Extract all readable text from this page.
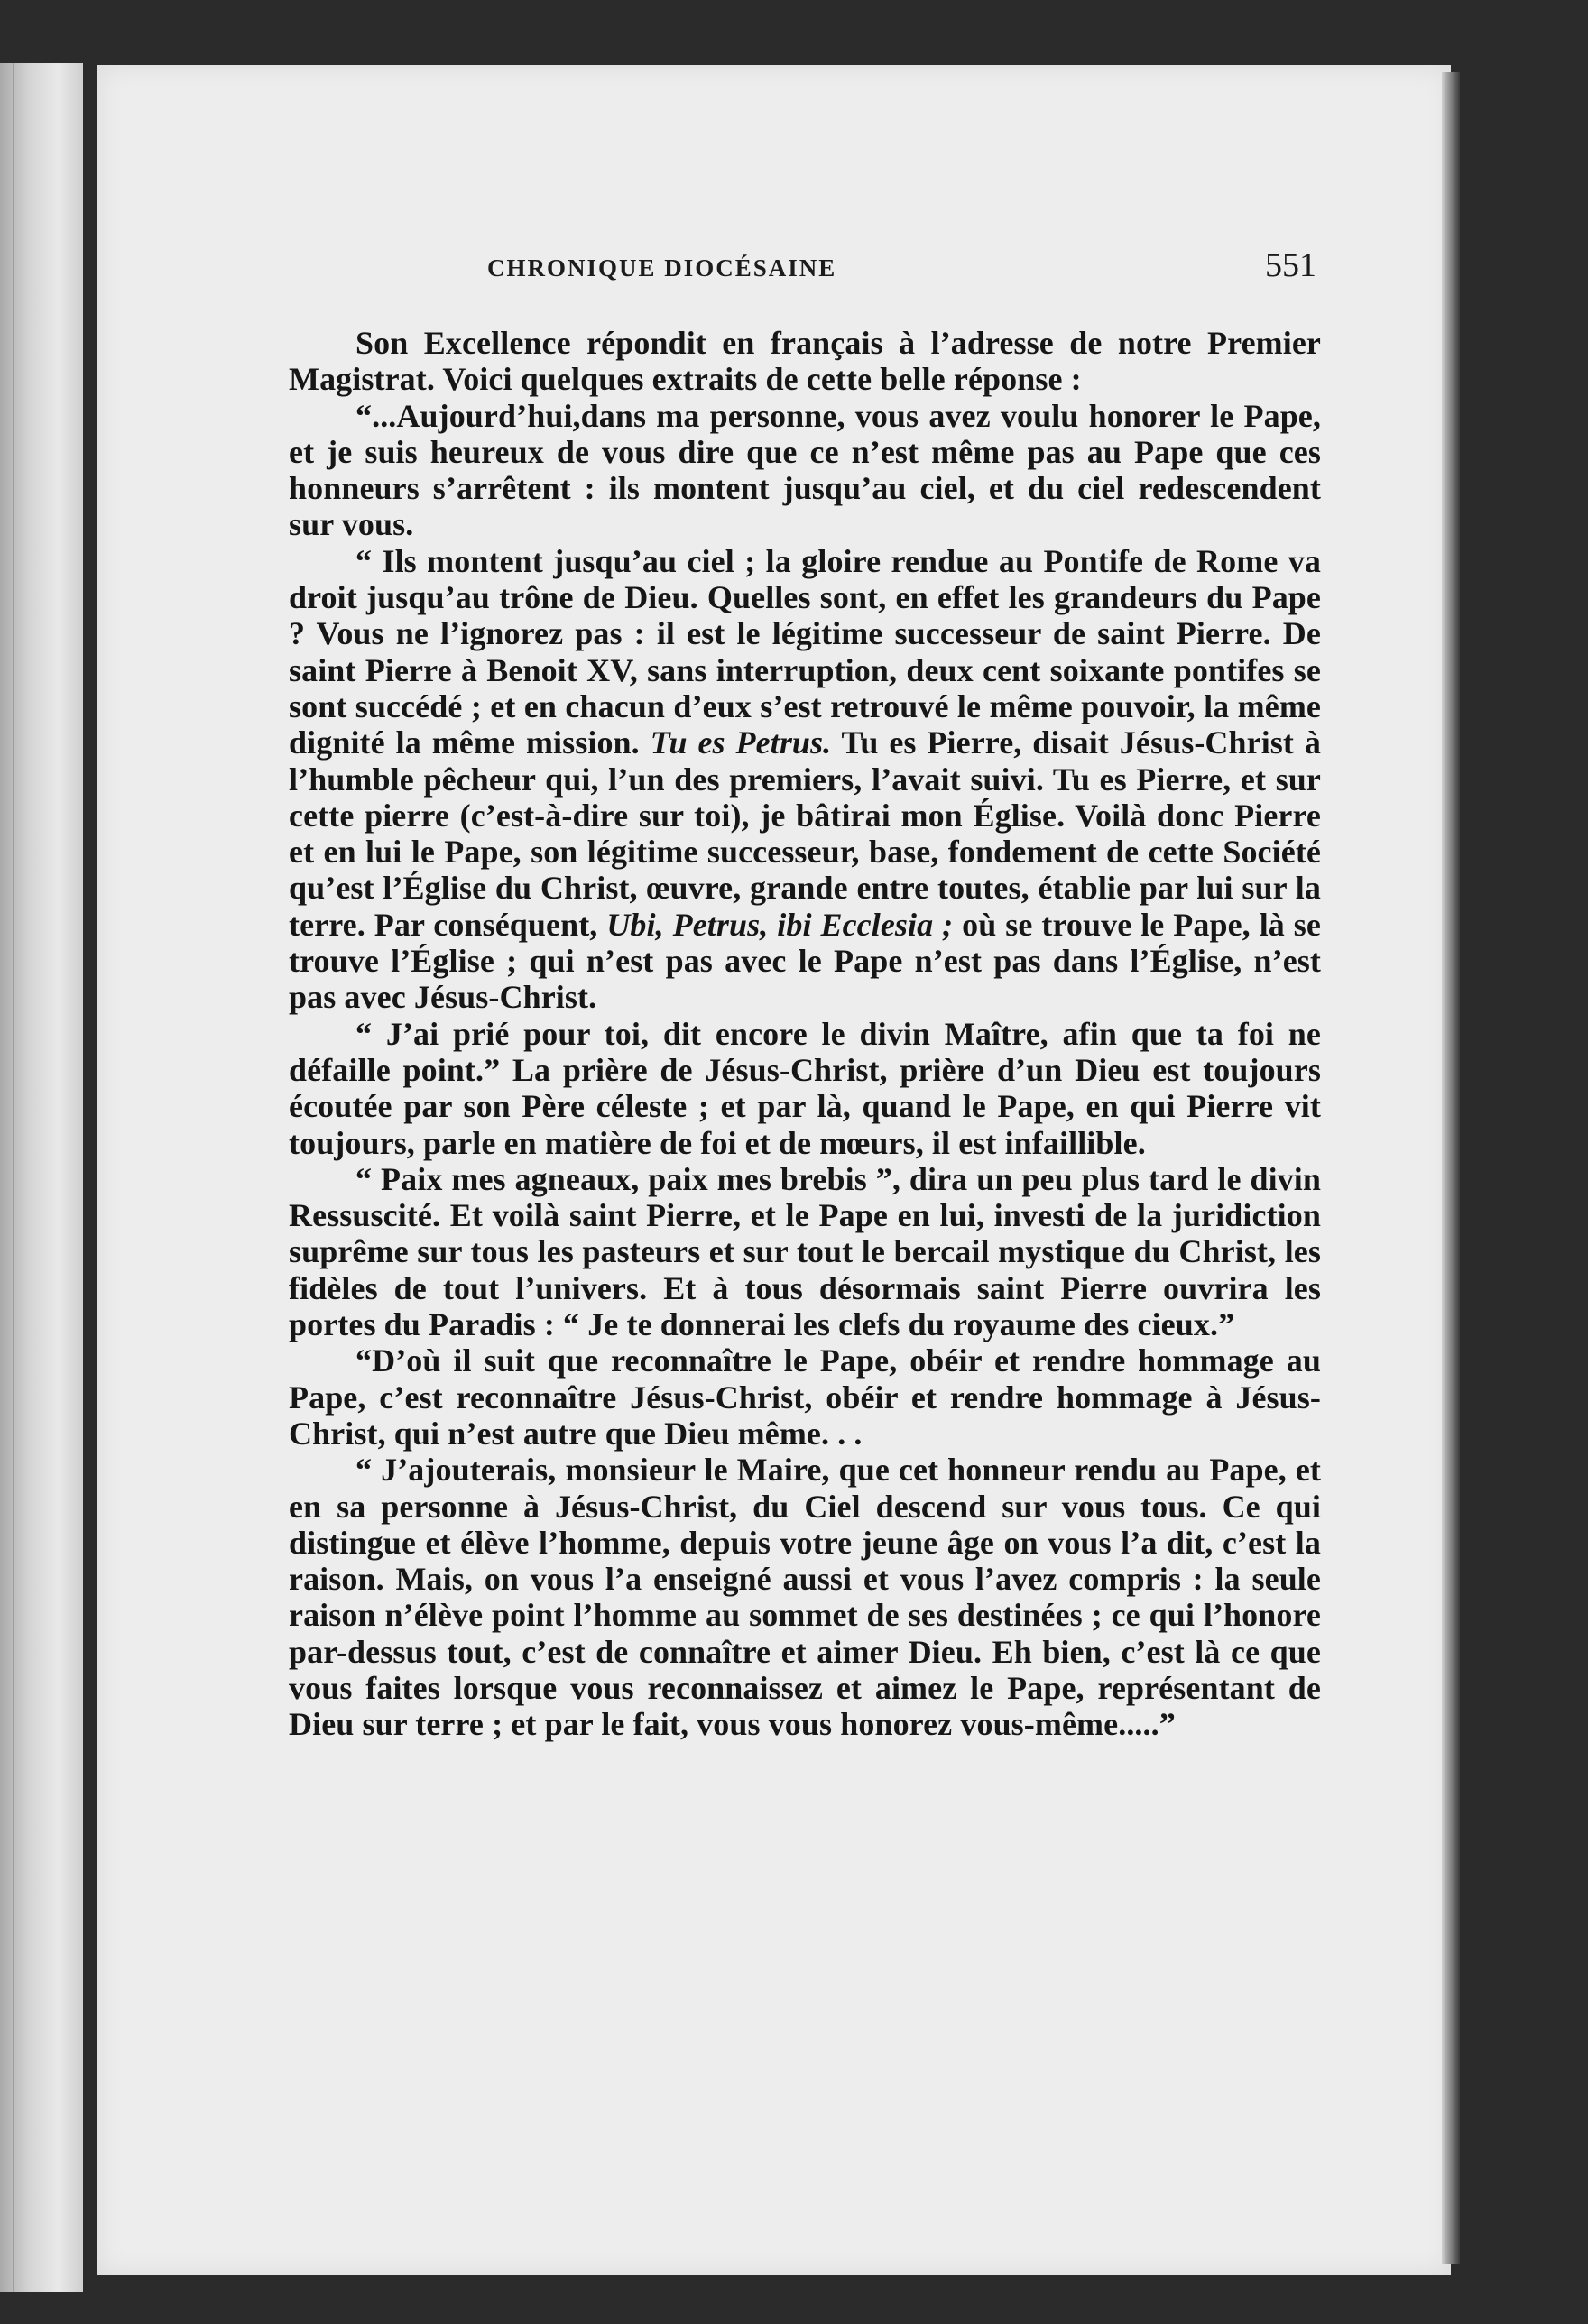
CHRONIQUE DIOCÉSAINE	551

Son Excellence répondit en français à l’adresse de notre Premier Magistrat. Voici quelques extraits de cette belle réponse :

“...Aujourd’hui,dans ma personne, vous avez voulu honorer le Pape, et je suis heureux de vous dire que ce n’est même pas au Pape que ces honneurs s’arrêtent : ils montent jusqu’au ciel, et du ciel redescendent sur vous.

“ Ils montent jusqu’au ciel ; la gloire rendue au Pontife de Rome va droit jusqu’au trône de Dieu. Quelles sont, en effet les grandeurs du Pape ? Vous ne l’ignorez pas : il est le légitime successeur de saint Pierre. De saint Pierre à Benoit XV, sans interruption, deux cent soixante pontifes se sont succédé ; et en chacun d’eux s’est retrouvé le même pouvoir, la même dignité la même mission. Tu es Petrus. Tu es Pierre, disait Jésus-Christ à l’humble pêcheur qui, l’un des premiers, l’avait suivi. Tu es Pierre, et sur cette pierre (c’est-à-dire sur toi), je bâtirai mon Église. Voilà donc Pierre et en lui le Pape, son légitime successeur, base, fondement de cette Société qu’est l’Église du Christ, œuvre, grande entre toutes, établie par lui sur la terre. Par conséquent, Ubi, Petrus, ibi Ecclesia ; où se trouve le Pape, là se trouve l’Église ; qui n’est pas avec le Pape n’est pas dans l’Église, n’est pas avec Jésus-Christ.

“ J’ai prié pour toi, dit encore le divin Maître, afin que ta foi ne défaille point.” La prière de Jésus-Christ, prière d’un Dieu est toujours écoutée par son Père céleste ; et par là, quand le Pape, en qui Pierre vit toujours, parle en matière de foi et de mœurs, il est infaillible.

“ Paix mes agneaux, paix mes brebis ”, dira un peu plus tard le divin Ressuscité. Et voilà saint Pierre, et le Pape en lui, investi de la juridiction suprême sur tous les pasteurs et sur tout le bercail mystique du Christ, les fidèles de tout l’univers. Et à tous désormais saint Pierre ouvrira les portes du Paradis : “ Je te donnerai les clefs du royaume des cieux.”

“D’où il suit que reconnaître le Pape, obéir et rendre hommage au Pape, c’est reconnaître Jésus-Christ, obéir et rendre hommage à Jésus-Christ, qui n’est autre que Dieu même. . .

“ J’ajouterais, monsieur le Maire, que cet honneur rendu au Pape, et en sa personne à Jésus-Christ, du Ciel descend sur vous tous. Ce qui distingue et élève l’homme, depuis votre jeune âge on vous l’a dit, c’est la raison. Mais, on vous l’a enseigné aussi et vous l’avez compris : la seule raison n’élève point l’homme au sommet de ses destinées ; ce qui l’honore par-dessus tout, c’est de connaître et aimer Dieu. Eh bien, c’est là ce que vous faites lorsque vous reconnaissez et aimez le Pape, représentant de Dieu sur terre ; et par le fait, vous vous honorez vous-même.....”
